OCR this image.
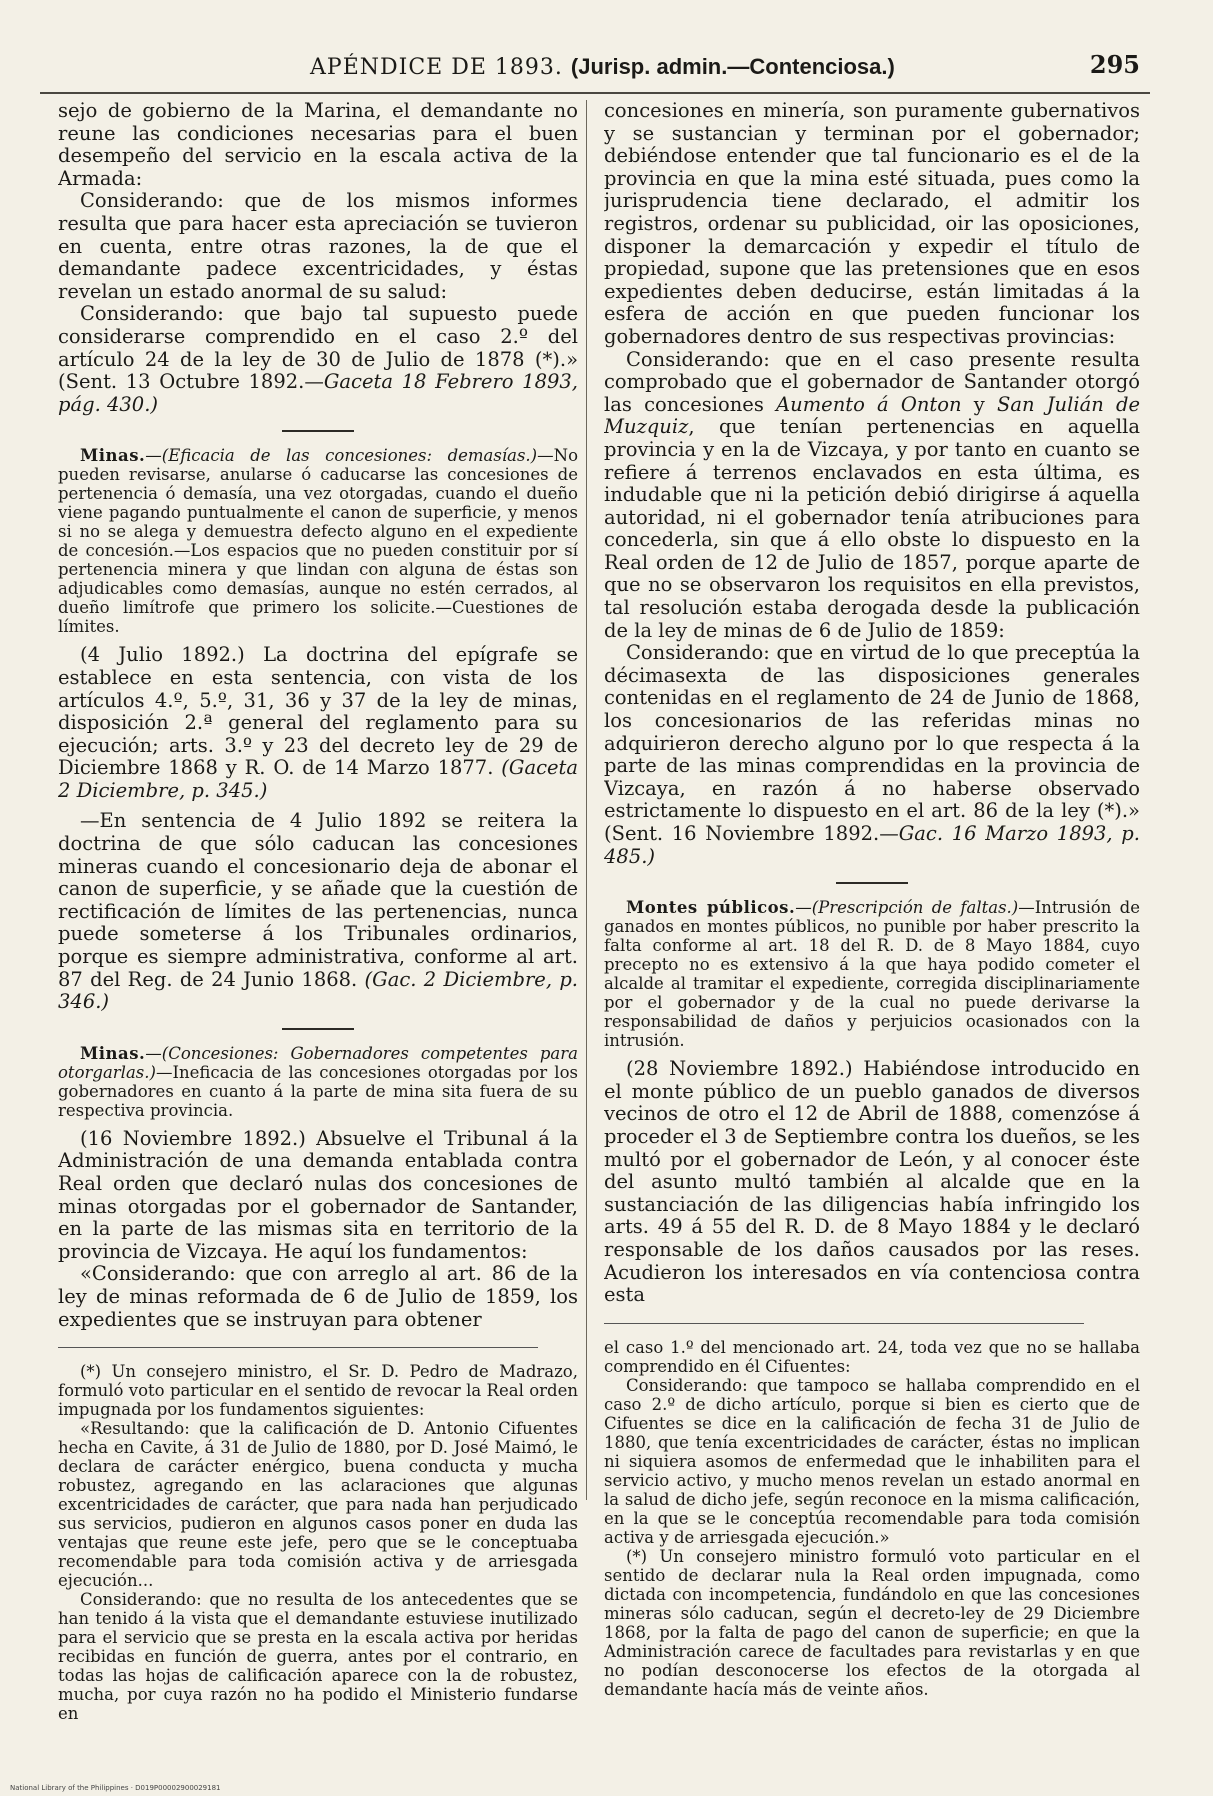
APÉNDICE DE 1893. (Jurisp. admin.—Contenciosa.)	295

sejo de gobierno de la Marina, el demandante no reune las condiciones necesarias para el buen desempeño del servicio en la escala activa de la Armada:

Considerando: que de los mismos informes resulta que para hacer esta apreciación se tuvieron en cuenta, entre otras razones, la de que el demandante padece excentricidades, y éstas revelan un estado anormal de su salud:

Considerando: que bajo tal supuesto puede considerarse comprendido en el caso 2.º del artículo 24 de la ley de 30 de Julio de 1878 (*).» (Sent. 13 Octubre 1892.—Gaceta 18 Febrero 1893, pág. 430.)

Minas.—(Eficacia de las concesiones: demasías.)—No pueden revisarse, anularse ó caducarse las concesiones de pertenencia ó demasía, una vez otorgadas, cuando el dueño viene pagando puntualmente el canon de superficie, y menos si no se alega y demuestra defecto alguno en el expediente de concesión.—Los espacios que no pueden constituir por sí pertenencia minera y que lindan con alguna de éstas son adjudicables como demasías, aunque no estén cerrados, al dueño limítrofe que primero los solicite.—Cuestiones de límites.

(4 Julio 1892.) La doctrina del epígrafe se establece en esta sentencia, con vista de los artículos 4.º, 5.º, 31, 36 y 37 de la ley de minas, disposición 2.ª general del reglamento para su ejecución; arts. 3.º y 23 del decreto ley de 29 de Diciembre 1868 y R. O. de 14 Marzo 1877. (Gaceta 2 Diciembre, p. 345.)

—En sentencia de 4 Julio 1892 se reitera la doctrina de que sólo caducan las concesiones mineras cuando el concesionario deja de abonar el canon de superficie, y se añade que la cuestión de rectificación de límites de las pertenencias, nunca puede someterse á los Tribunales ordinarios, porque es siempre administrativa, conforme al art. 87 del Reg. de 24 Junio 1868. (Gac. 2 Diciembre, p. 346.)

Minas.—(Concesiones: Gobernadores competentes para otorgarlas.)—Ineficacia de las concesiones otorgadas por los gobernadores en cuanto á la parte de mina sita fuera de su respectiva provincia.

(16 Noviembre 1892.) Absuelve el Tribunal á la Administración de una demanda entablada contra Real orden que declaró nulas dos concesiones de minas otorgadas por el gobernador de Santander, en la parte de las mismas sita en territorio de la provincia de Vizcaya. He aquí los fundamentos:

«Considerando: que con arreglo al art. 86 de la ley de minas reformada de 6 de Julio de 1859, los expedientes que se instruyan para obtener

(*) Un consejero ministro, el Sr. D. Pedro de Madrazo, formuló voto particular en el sentido de revocar la Real orden impugnada por los fundamentos siguientes:

«Resultando: que la calificación de D. Antonio Cifuentes hecha en Cavite, á 31 de Julio de 1880, por D. José Maimó, le declara de carácter enérgico, buena conducta y mucha robustez, agregando en las aclaraciones que algunas excentricidades de carácter, que para nada han perjudicado sus servicios, pudieron en algunos casos poner en duda las ventajas que reune este jefe, pero que se le conceptuaba recomendable para toda comisión activa y de arriesgada ejecución...

Considerando: que no resulta de los antecedentes que se han tenido á la vista que el demandante estuviese inutilizado para el servicio que se presta en la escala activa por heridas recibidas en función de guerra, antes por el contrario, en todas las hojas de calificación aparece con la de robustez, mucha, por cuya razón no ha podido el Ministerio fundarse en

concesiones en minería, son puramente gubernativos y se sustancian y terminan por el gobernador; debiéndose entender que tal funcionario es el de la provincia en que la mina esté situada, pues como la jurisprudencia tiene declarado, el admitir los registros, ordenar su publicidad, oir las oposiciones, disponer la demarcación y expedir el título de propiedad, supone que las pretensiones que en esos expedientes deben deducirse, están limitadas á la esfera de acción en que pueden funcionar los gobernadores dentro de sus respectivas provincias:

Considerando: que en el caso presente resulta comprobado que el gobernador de Santander otorgó las concesiones Aumento á Onton y San Julián de Muzquiz, que tenían pertenencias en aquella provincia y en la de Vizcaya, y por tanto en cuanto se refiere á terrenos enclavados en esta última, es indudable que ni la petición debió dirigirse á aquella autoridad, ni el gobernador tenía atribuciones para concederla, sin que á ello obste lo dispuesto en la Real orden de 12 de Julio de 1857, porque aparte de que no se observaron los requisitos en ella previstos, tal resolución estaba derogada desde la publicación de la ley de minas de 6 de Julio de 1859:

Considerando: que en virtud de lo que preceptúa la décimasexta de las disposiciones generales contenidas en el reglamento de 24 de Junio de 1868, los concesionarios de las referidas minas no adquirieron derecho alguno por lo que respecta á la parte de las minas comprendidas en la provincia de Vizcaya, en razón á no haberse observado estrictamente lo dispuesto en el art. 86 de la ley (*).» (Sent. 16 Noviembre 1892.—Gac. 16 Marzo 1893, p. 485.)

Montes públicos.—(Prescripción de faltas.)—Intrusión de ganados en montes públicos, no punible por haber prescrito la falta conforme al art. 18 del R. D. de 8 Mayo 1884, cuyo precepto no es extensivo á la que haya podido cometer el alcalde al tramitar el expediente, corregida disciplinariamente por el gobernador y de la cual no puede derivarse la responsabilidad de daños y perjuicios ocasionados con la intrusión.

(28 Noviembre 1892.) Habiéndose introducido en el monte público de un pueblo ganados de diversos vecinos de otro el 12 de Abril de 1888, comenzóse á proceder el 3 de Septiembre contra los dueños, se les multó por el gobernador de León, y al conocer éste del asunto multó también al alcalde que en la sustanciación de las diligencias había infringido los arts. 49 á 55 del R. D. de 8 Mayo 1884 y le declaró responsable de los daños causados por las reses. Acudieron los interesados en vía contenciosa contra esta

el caso 1.º del mencionado art. 24, toda vez que no se hallaba comprendido en él Cifuentes:

Considerando: que tampoco se hallaba comprendido en el caso 2.º de dicho artículo, porque si bien es cierto que de Cifuentes se dice en la calificación de fecha 31 de Julio de 1880, que tenía excentricidades de carácter, éstas no implican ni siquiera asomos de enfermedad que le inhabiliten para el servicio activo, y mucho menos revelan un estado anormal en la salud de dicho jefe, según reconoce en la misma calificación, en la que se le conceptúa recomendable para toda comisión activa y de arriesgada ejecución.»

(*) Un consejero ministro formuló voto particular en el sentido de declarar nula la Real orden impugnada, como dictada con incompetencia, fundándolo en que las concesiones mineras sólo caducan, según el decreto-ley de 29 Diciembre 1868, por la falta de pago del canon de superficie; en que la Administración carece de facultades para revistarlas y en que no podían desconocerse los efectos de la otorgada al demandante hacía más de veinte años.

National Library of the Philippines · D019P00002900029181
